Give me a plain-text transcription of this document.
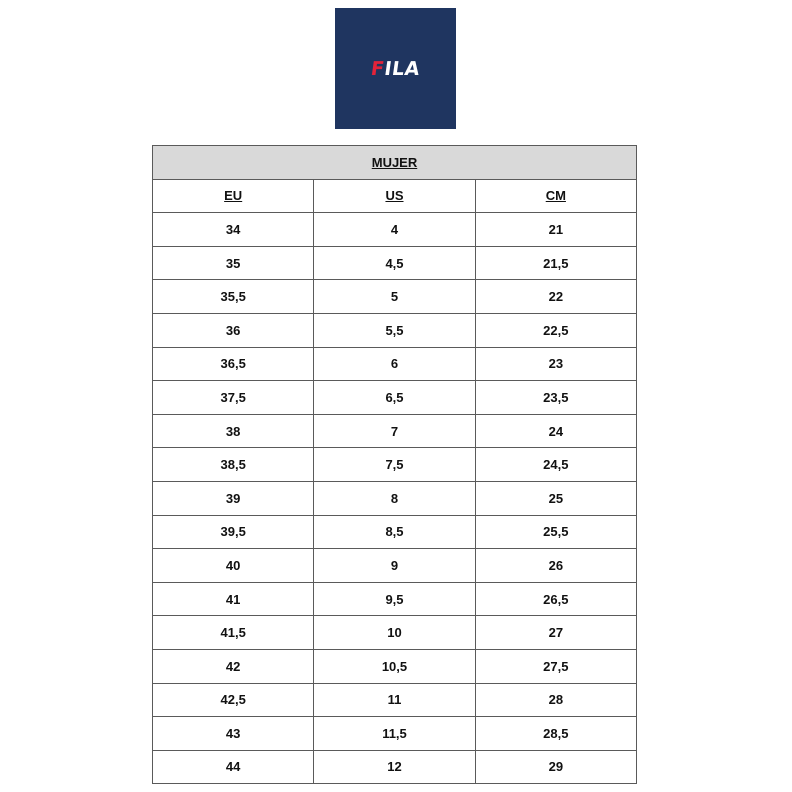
F
ILA
MUJER		
EU	US	CM
34	4	21
35	4,5	21,5
35,5	5	22
36	5,5	22,5
36,5	6	23
37,5	6,5	23,5
38	7	24
38,5	7,5	24,5
39	8	25
39,5	8,5	25,5
40	9	26
41	9,5	26,5
41,5	10	27
42	10,5	27,5
42,5	11	28
43	11,5	28,5
44	12	29
